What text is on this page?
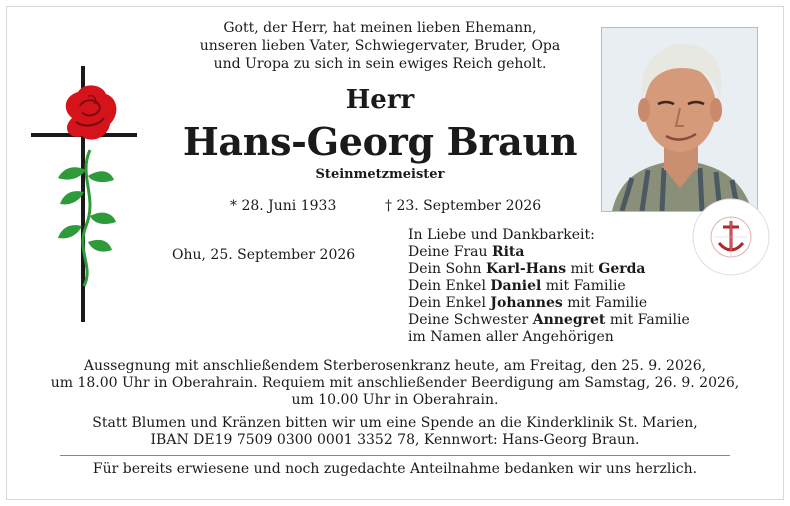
Gott, der Herr, hat meinen lieben Ehemann,
unseren lieben Vater, Schwiegervater, Bruder, Opa
und Uropa zu sich in sein ewiges Reich geholt.
Herr
Hans-Georg Braun
Steinmetzmeister
* 28. Juni 1933	† 23. September 2026
Ohu, 25. September 2026
In Liebe und Dankbarkeit:
Deine Frau Rita
Dein Sohn Karl-Hans mit Gerda
Dein Enkel Daniel mit Familie
Dein Enkel Johannes mit Familie
Deine Schwester Annegret mit Familie
im Namen aller Angehörigen
Aussegnung mit anschließendem Sterberosenkranz heute, am Freitag, den 25. 9. 2026,
um 18.00 Uhr in Oberahrain. Requiem mit anschließender Beerdigung am Samstag, 26. 9. 2026,
um 10.00 Uhr in Oberahrain.
Statt Blumen und Kränzen bitten wir um eine Spende an die Kinderklinik St. Marien,
IBAN DE19 7509 0300 0001 3352 78, Kennwort: Hans-Georg Braun.
Für bereits erwiesene und noch zugedachte Anteilnahme bedanken wir uns herzlich.
